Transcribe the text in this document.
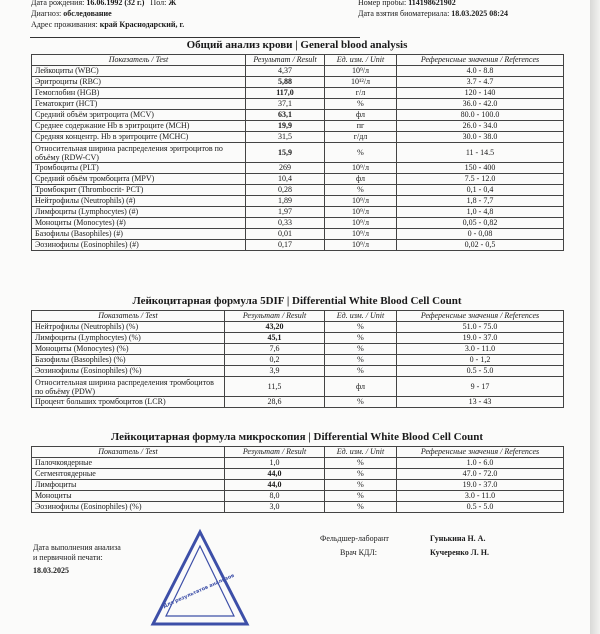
Дата рождения: 16.06.1992 (32 г.) Пол: Ж
Диагноз: обследование
Адрес проживания: край Краснодарский, г.
Номер пробы: 114198621902
Дата взятия биоматериала: 18.03.2025 08:24
Общий анализ крови | General blood analysis
Показатель / Test	Результат / Result	Ед. изм. / Unit	Референсные значения / References
Лейкоциты (WBC)	4,37	10⁹/л	4.0 - 8.8
Эритроциты (RBC)	5,88	10¹²/л	3.7 - 4.7
Гемоглобин (HGB)	117,0	г/л	120 - 140
Гематокрит (HCT)	37,1	%	36.0 - 42.0
Средний объём эритроцита (MCV)	63,1	фл	80.0 - 100.0
Среднее содержание Hb в эритроците (MCH)	19,9	пг	26.0 - 34.0
Средняя концентр. Hb в эритроците (MCHC)	31,5	г/дл	30.0 - 38.0
Относительная ширина распределения эритроцитов по объёму (RDW-CV)	15,9	%	11 - 14.5
Тромбоциты (PLT)	269	10⁹/л	150 - 400
Средний объём тромбоцита (MPV)	10,4	фл	7.5 - 12.0
Тромбокрит (Thrombocrit- PCT)	0,28	%	0,1 - 0,4
Нейтрофилы (Neutrophils) (#)	1,89	10⁹/л	1,8 - 7,7
Лимфоциты (Lymphocytes) (#)	1,97	10⁹/л	1,0 - 4,8
Моноциты (Monocytes) (#)	0,33	10⁹/л	0,05 - 0,82
Базофилы (Basophiles) (#)	0,01	10⁹/л	0 - 0,08
Эозинофилы (Eosinophiles) (#)	0,17	10⁹/л	0,02 - 0,5
Лейкоцитарная формула 5DIF | Differential White Blood Cell Count
Показатель / Test	Результат / Result	Ед. изм. / Unit	Референсные значения / References
Нейтрофилы (Neutrophils) (%)	43,20	%	51.0 - 75.0
Лимфоциты (Lymphocytes) (%)	45,1	%	19.0 - 37.0
Моноциты (Monocytes) (%)	7,6	%	3.0 - 11.0
Базофилы (Basophiles) (%)	0,2	%	0 - 1,2
Эозинофилы (Eosinophiles) (%)	3,9	%	0.5 - 5.0
Относительная ширина распределения тромбоцитов по объёму (PDW)	11,5	фл	9 - 17
Процент больших тромбоцитов (LCR)	28,6	%	13 - 43
Лейкоцитарная формула микроскопия | Differential White Blood Cell Count
Показатель / Test	Результат / Result	Ед. изм. / Unit	Референсные значения / References
Палочкоядерные	1,0	%	1.0 - 6.0
Сегментоядерные	44,0	%	47.0 - 72.0
Лимфоциты	44,0	%	19.0 - 37.0
Моноциты	8,0	%	3.0 - 11.0
Эозинофилы (Eosinophiles) (%)	3,0	%	0.5 - 5.0
Фельдшер-лаборант	Гунькина Н. А.
Врач КДЛ:	Кучеренко Л. Н.
Дата выполнения анализа
и первичной печати:
18.03.2025
Для результатов анализов
